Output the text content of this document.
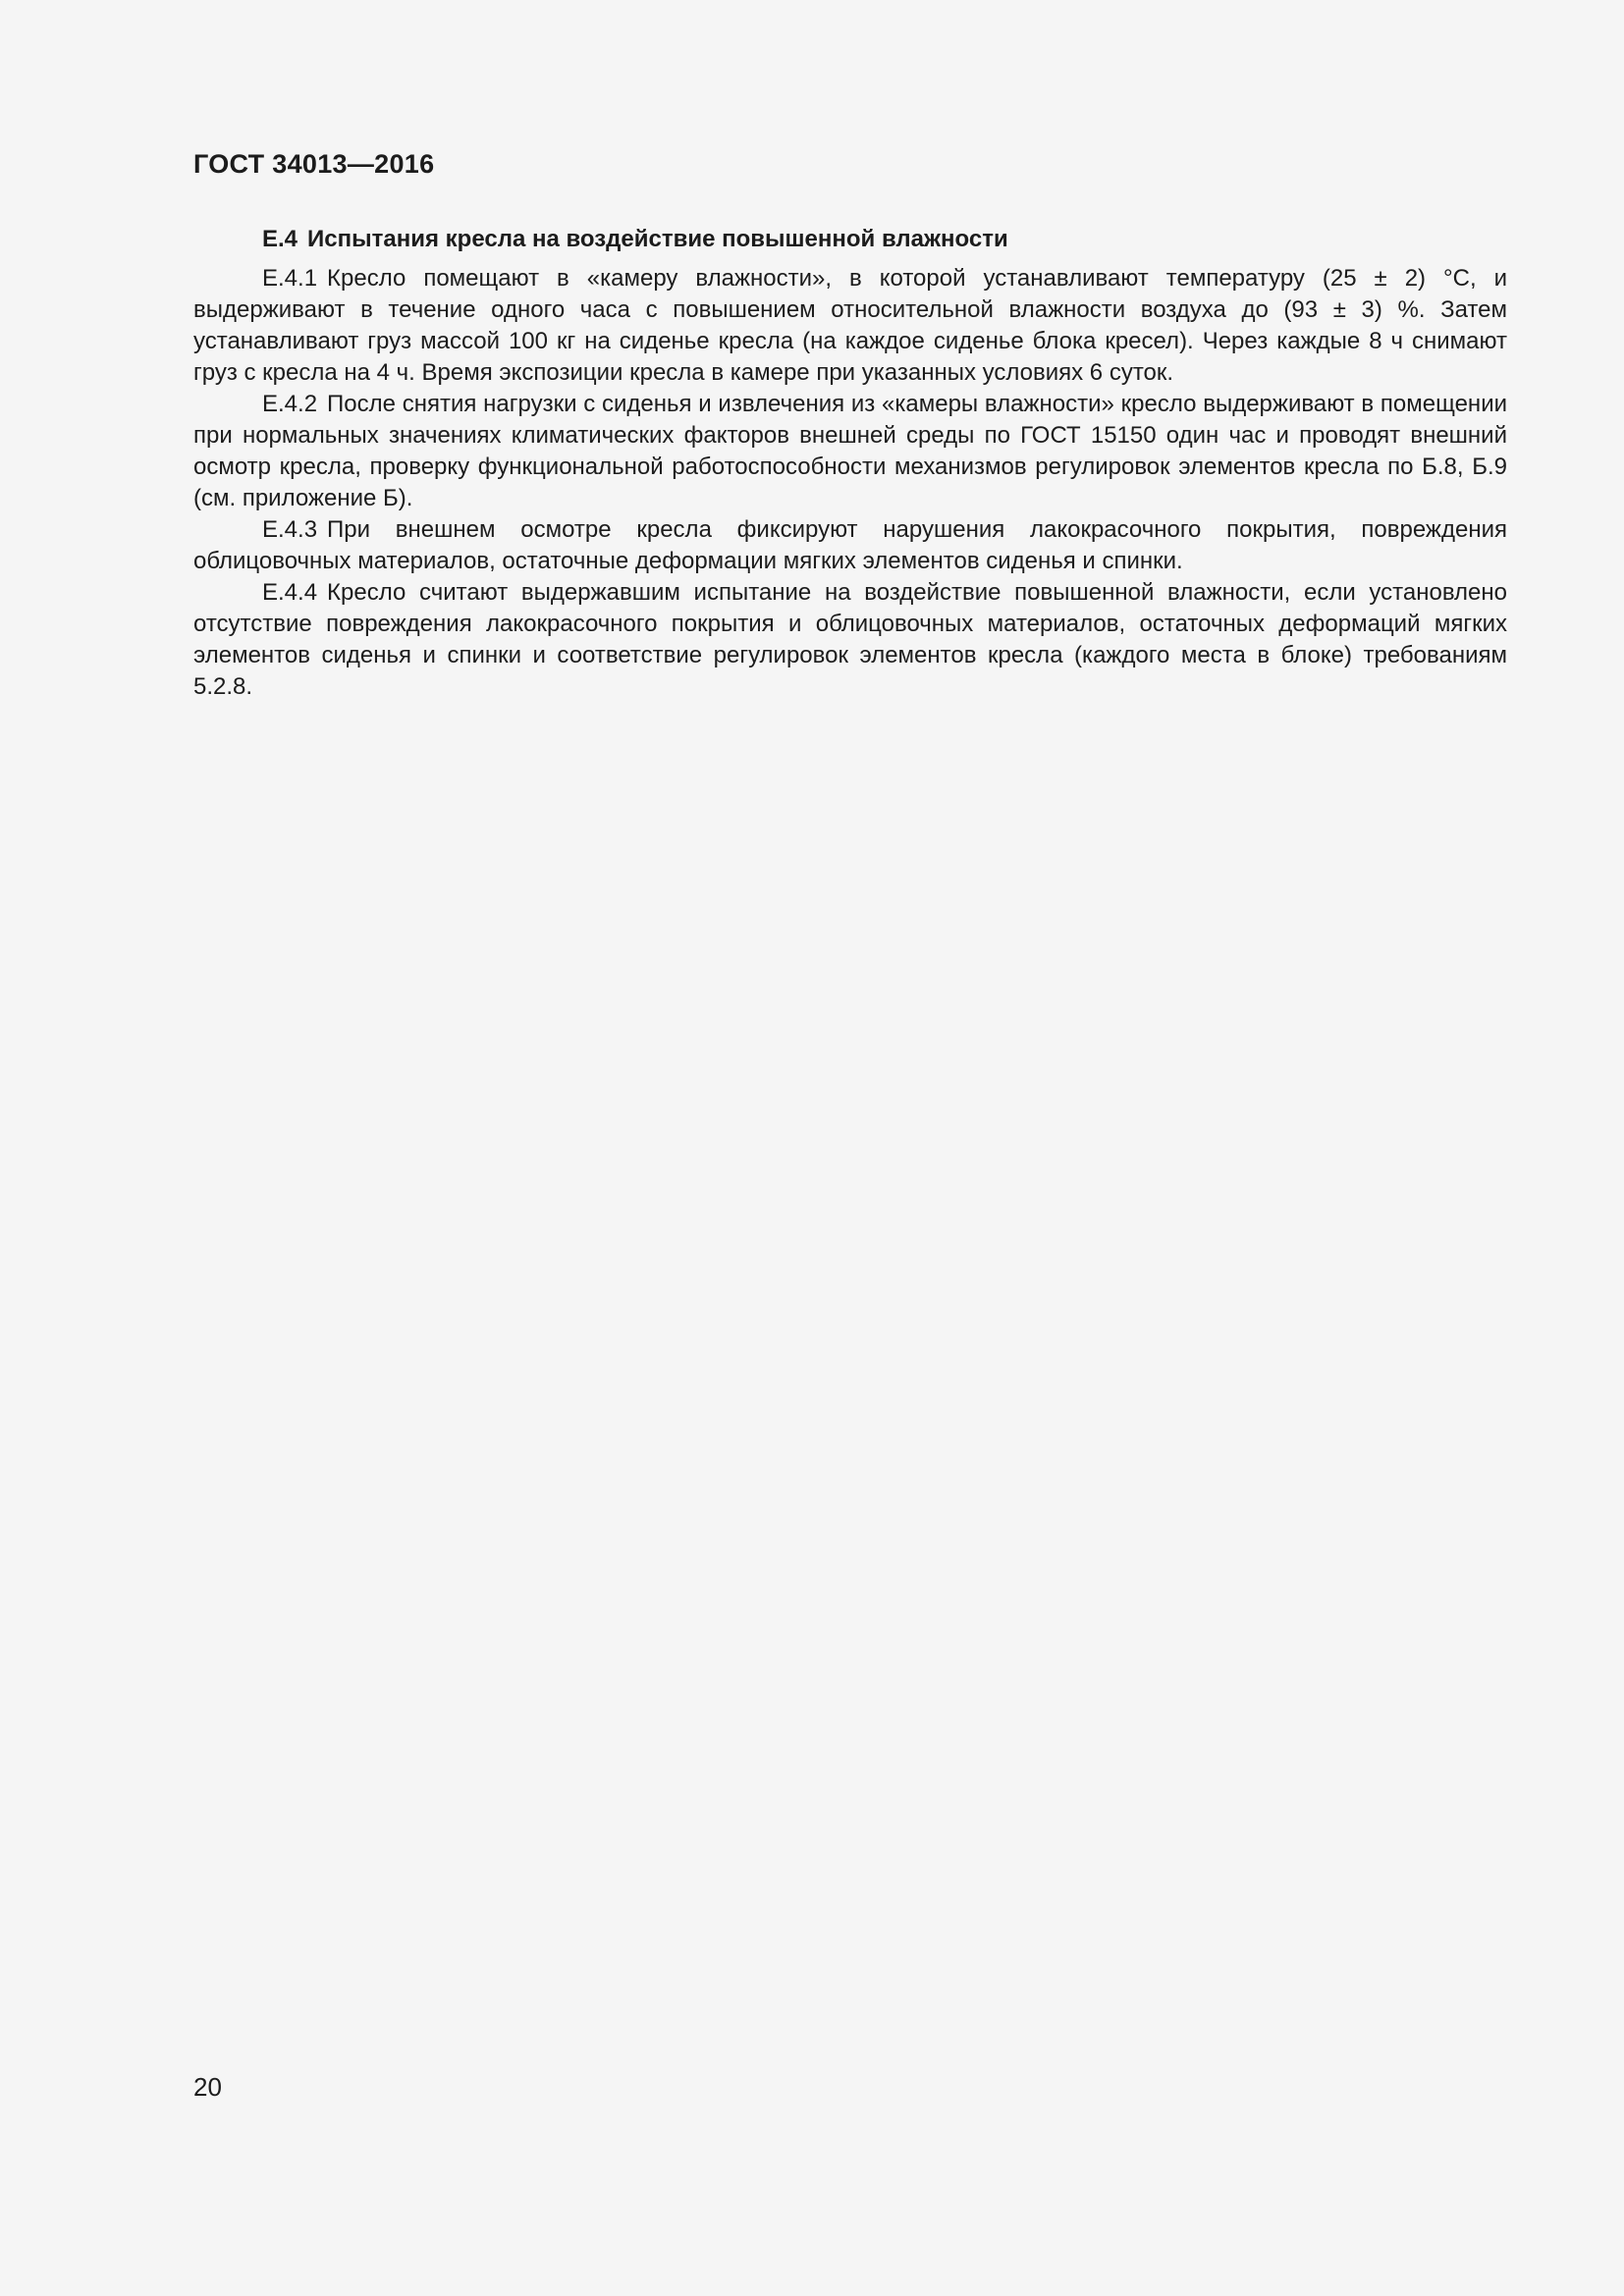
ГОСТ 34013—2016

Е.4 Испытания кресла на воздействие повышенной влажности

Е.4.1 Кресло помещают в «камеру влажности», в которой устанавливают температуру (25 ± 2) °С, и выдерживают в течение одного часа с повышением относительной влажности воздуха до (93 ± 3) %. Затем устанавливают груз массой 100 кг на сиденье кресла (на каждое сиденье блока кресел). Через каждые 8 ч снимают груз с кресла на 4 ч. Время экспозиции кресла в камере при указанных условиях 6 суток.

Е.4.2 После снятия нагрузки с сиденья и извлечения из «камеры влажности» кресло выдерживают в помещении при нормальных значениях климатических факторов внешней среды по ГОСТ 15150 один час и проводят внешний осмотр кресла, проверку функциональной работоспособности механизмов регулировок элементов кресла по Б.8, Б.9 (см. приложение Б).

Е.4.3 При внешнем осмотре кресла фиксируют нарушения лакокрасочного покрытия, повреждения облицовочных материалов, остаточные деформации мягких элементов сиденья и спинки.

Е.4.4 Кресло считают выдержавшим испытание на воздействие повышенной влажности, если установлено отсутствие повреждения лакокрасочного покрытия и облицовочных материалов, остаточных деформаций мягких элементов сиденья и спинки и соответствие регулировок элементов кресла (каждого места в блоке) требованиям 5.2.8.

20
